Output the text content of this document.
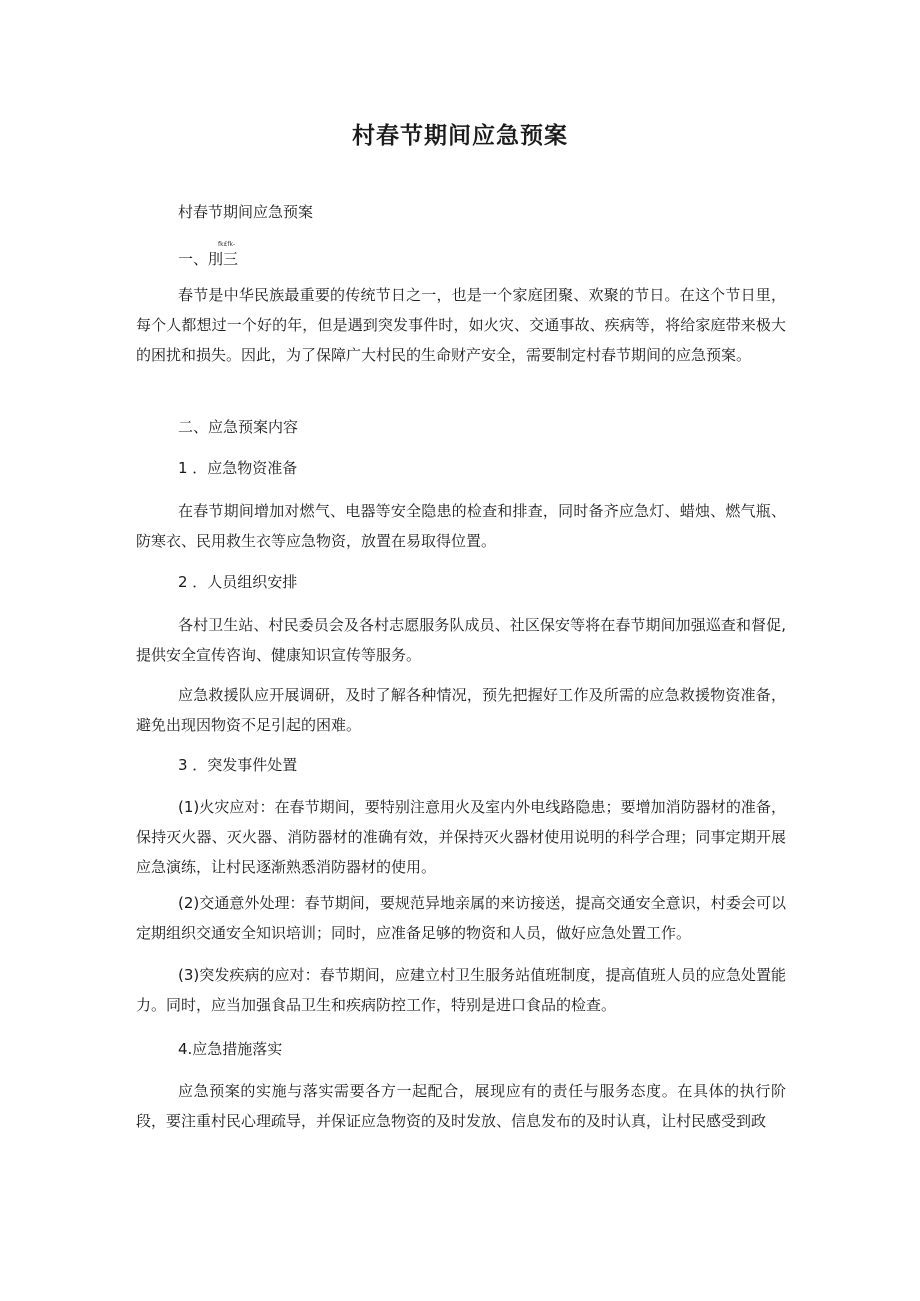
村春节期间应急预案
村春节期间应急预案
fk£fk-
一、刖三
春节是中华民族最重要的传统节日之一，也是一个家庭团聚、欢聚的节日。在这个节日里，每个人都想过一个好的年，但是遇到突发事件时，如火灾、交通事故、疾病等，将给家庭带来极大的困扰和损失。因此，为了保障广大村民的生命财产安全，需要制定村春节期间的应急预案。
二、应急预案内容
1 ．应急物资准备
在春节期间增加对燃气、电器等安全隐患的检查和排查，同时备齐应急灯、蜡烛、燃气瓶、防寒衣、民用救生衣等应急物资，放置在易取得位置。
2 ．人员组织安排
各村卫生站、村民委员会及各村志愿服务队成员、社区保安等将在春节期间加强巡查和督促,提供安全宣传咨询、健康知识宣传等服务。
应急救援队应开展调研，及时了解各种情况，预先把握好工作及所需的应急救援物资准备，避免出现因物资不足引起的困难。
3 ．突发事件处置
(1)火灾应对：在春节期间，要特别注意用火及室内外电线路隐患；要增加消防器材的准备，保持灭火器、灭火器、消防器材的准确有效，并保持灭火器材使用说明的科学合理；同事定期开展应急演练，让村民逐渐熟悉消防器材的使用。
(2)交通意外处理：春节期间，要规范异地亲属的来访接送，提高交通安全意识，村委会可以定期组织交通安全知识培训；同时，应准备足够的物资和人员，做好应急处置工作。
(3)突发疾病的应对：春节期间，应建立村卫生服务站值班制度，提高值班人员的应急处置能力。同时，应当加强食品卫生和疾病防控工作，特别是进口食品的检查。
4.应急措施落实
应急预案的实施与落实需要各方一起配合，展现应有的责任与服务态度。在具体的执行阶段，要注重村民心理疏导，并保证应急物资的及时发放、信息发布的及时认真，让村民感受到政
